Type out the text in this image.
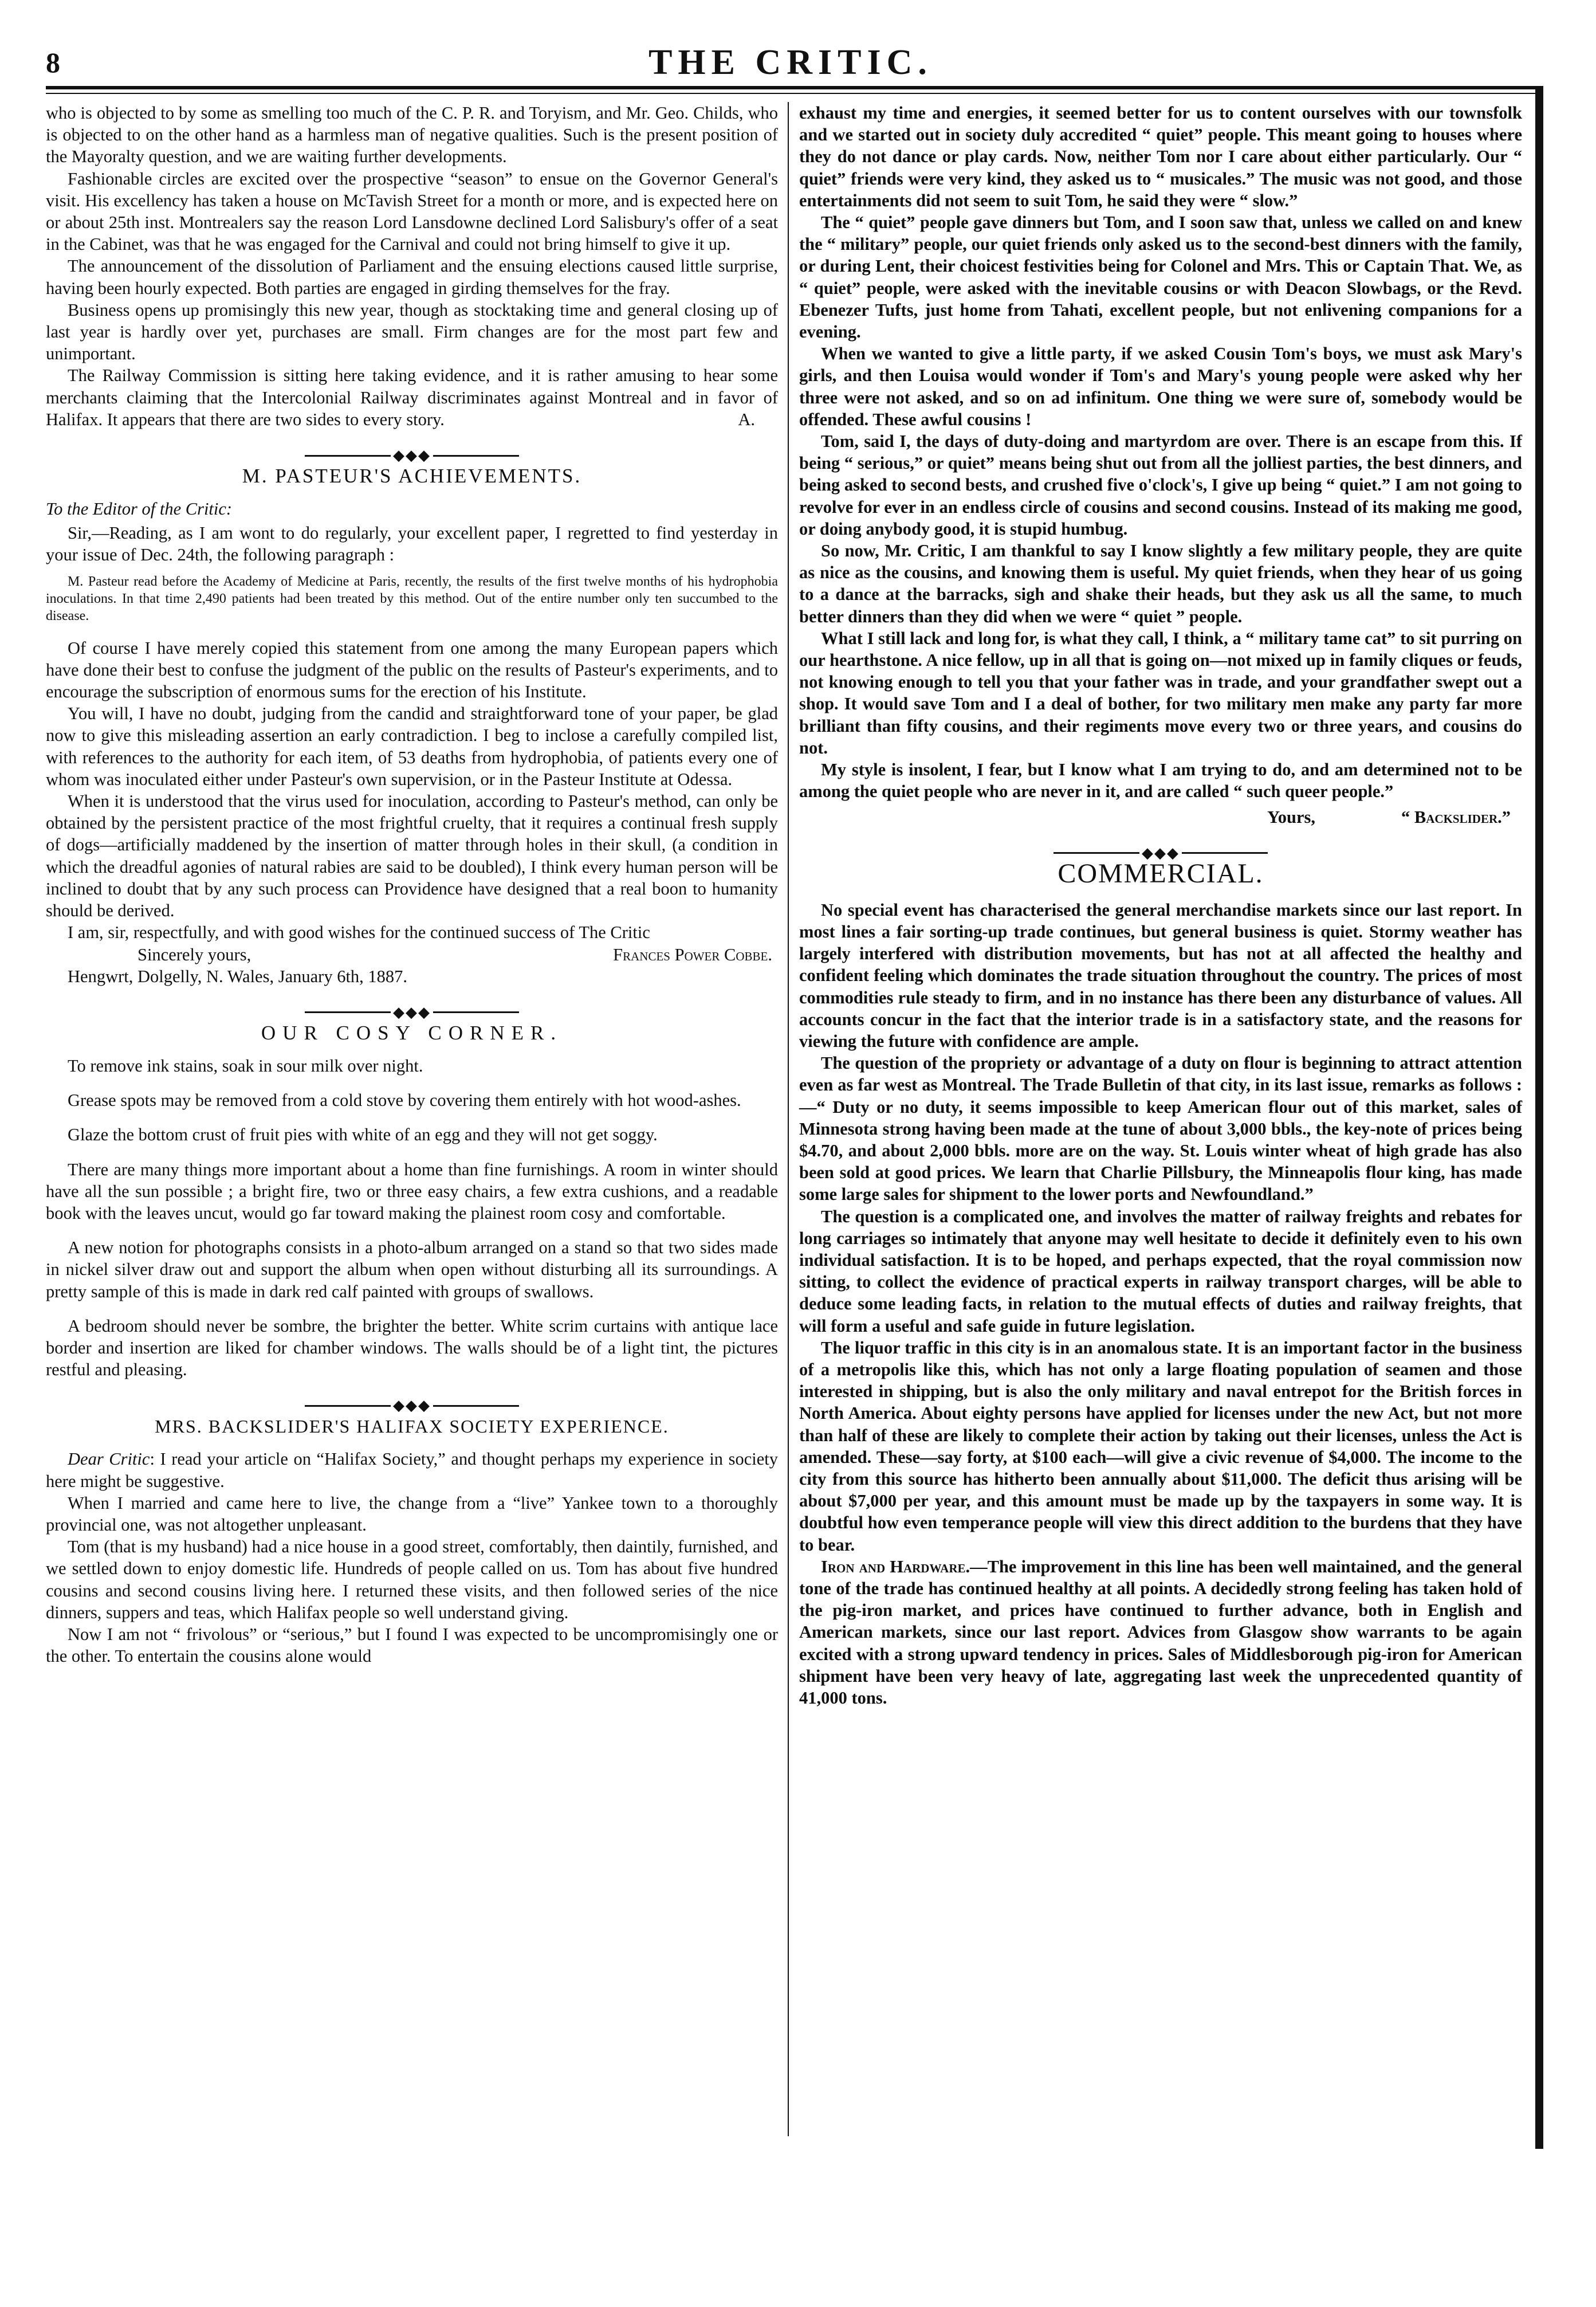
8	THE CRITIC.

who is objected to by some as smelling too much of the C. P. R. and Toryism, and Mr. Geo. Childs, who is objected to on the other hand as a harmless man of negative qualities. Such is the present position of the Mayoralty question, and we are waiting further developments.

Fashionable circles are excited over the prospective “season” to ensue on the Governor General's visit. His excellency has taken a house on McTavish Street for a month or more, and is expected here on or about 25th inst. Montrealers say the reason Lord Lansdowne declined Lord Salisbury's offer of a seat in the Cabinet, was that he was engaged for the Carnival and could not bring himself to give it up.

The announcement of the dissolution of Parliament and the ensuing elections caused little surprise, having been hourly expected. Both parties are engaged in girding themselves for the fray.

Business opens up promisingly this new year, though as stocktaking time and general closing up of last year is hardly over yet, purchases are small. Firm changes are for the most part few and unimportant.

The Railway Commission is sitting here taking evidence, and it is rather amusing to hear some merchants claiming that the Intercolonial Railway discriminates against Montreal and in favor of Halifax. It appears that there are two sides to every story.	A.

◆◆◆
M. PASTEUR'S ACHIEVEMENTS.

To the Editor of the Critic:

Sir,—Reading, as I am wont to do regularly, your excellent paper, I regretted to find yesterday in your issue of Dec. 24th, the following paragraph :

M. Pasteur read before the Academy of Medicine at Paris, recently, the results of the first twelve months of his hydrophobia inoculations. In that time 2,490 patients had been treated by this method. Out of the entire number only ten succumbed to the disease.

Of course I have merely copied this statement from one among the many European papers which have done their best to confuse the judgment of the public on the results of Pasteur's experiments, and to encourage the subscription of enormous sums for the erection of his Institute.

You will, I have no doubt, judging from the candid and straightforward tone of your paper, be glad now to give this misleading assertion an early contradiction. I beg to inclose a carefully compiled list, with references to the authority for each item, of 53 deaths from hydrophobia, of patients every one of whom was inoculated either under Pasteur's own supervision, or in the Pasteur Institute at Odessa.

When it is understood that the virus used for inoculation, according to Pasteur's method, can only be obtained by the persistent practice of the most frightful cruelty, that it requires a continual fresh supply of dogs—artificially maddened by the insertion of matter through holes in their skull, (a condition in which the dreadful agonies of natural rabies are said to be doubled), I think every human person will be inclined to doubt that by any such process can Providence have designed that a real boon to humanity should be derived.

I am, sir, respectfully, and with good wishes for the continued success of The Critic

Sincerely yours,	Frances Power Cobbe.

Hengwrt, Dolgelly, N. Wales, January 6th, 1887.

◆◆◆
OUR COSY CORNER.

To remove ink stains, soak in sour milk over night.

Grease spots may be removed from a cold stove by covering them entirely with hot wood-ashes.

Glaze the bottom crust of fruit pies with white of an egg and they will not get soggy.

There are many things more important about a home than fine furnishings. A room in winter should have all the sun possible ; a bright fire, two or three easy chairs, a few extra cushions, and a readable book with the leaves uncut, would go far toward making the plainest room cosy and comfortable.

A new notion for photographs consists in a photo-album arranged on a stand so that two sides made in nickel silver draw out and support the album when open without disturbing all its surroundings. A pretty sample of this is made in dark red calf painted with groups of swallows.

A bedroom should never be sombre, the brighter the better. White scrim curtains with antique lace border and insertion are liked for chamber windows. The walls should be of a light tint, the pictures restful and pleasing.

◆◆◆
MRS. BACKSLIDER'S HALIFAX SOCIETY EXPERIENCE.

Dear Critic: I read your article on “Halifax Society,” and thought perhaps my experience in society here might be suggestive.

When I married and came here to live, the change from a “live” Yankee town to a thoroughly provincial one, was not altogether unpleasant.

Tom (that is my husband) had a nice house in a good street, comfortably, then daintily, furnished, and we settled down to enjoy domestic life. Hundreds of people called on us. Tom has about five hundred cousins and second cousins living here. I returned these visits, and then followed series of the nice dinners, suppers and teas, which Halifax people so well understand giving.

Now I am not “ frivolous” or “serious,” but I found I was expected to be uncompromisingly one or the other. To entertain the cousins alone would

exhaust my time and energies, it seemed better for us to content ourselves with our townsfolk and we started out in society duly accredited “ quiet” people. This meant going to houses where they do not dance or play cards. Now, neither Tom nor I care about either particularly. Our “ quiet” friends were very kind, they asked us to “ musicales.” The music was not good, and those entertainments did not seem to suit Tom, he said they were “ slow.”

The “ quiet” people gave dinners but Tom, and I soon saw that, unless we called on and knew the “ military” people, our quiet friends only asked us to the second-best dinners with the family, or during Lent, their choicest festivities being for Colonel and Mrs. This or Captain That. We, as “ quiet” people, were asked with the inevitable cousins or with Deacon Slowbags, or the Revd. Ebenezer Tufts, just home from Tahati, excellent people, but not enlivening companions for a evening.

When we wanted to give a little party, if we asked Cousin Tom's boys, we must ask Mary's girls, and then Louisa would wonder if Tom's and Mary's young people were asked why her three were not asked, and so on ad infinitum. One thing we were sure of, somebody would be offended. These awful cousins !

Tom, said I, the days of duty-doing and martyrdom are over. There is an escape from this. If being “ serious,” or quiet” means being shut out from all the jolliest parties, the best dinners, and being asked to second bests, and crushed five o'clock's, I give up being “ quiet.” I am not going to revolve for ever in an endless circle of cousins and second cousins. Instead of its making me good, or doing anybody good, it is stupid humbug.

So now, Mr. Critic, I am thankful to say I know slightly a few military people, they are quite as nice as the cousins, and knowing them is useful. My quiet friends, when they hear of us going to a dance at the barracks, sigh and shake their heads, but they ask us all the same, to much better dinners than they did when we were “ quiet ” people.

What I still lack and long for, is what they call, I think, a “ military tame cat” to sit purring on our hearthstone. A nice fellow, up in all that is going on—not mixed up in family cliques or feuds, not knowing enough to tell you that your father was in trade, and your grandfather swept out a shop. It would save Tom and I a deal of bother, for two military men make any party far more brilliant than fifty cousins, and their regiments move every two or three years, and cousins do not.

My style is insolent, I fear, but I know what I am trying to do, and am determined not to be among the quiet people who are never in it, and are called “ such queer people.”

Yours,	“ Backslider.”
◆◆◆
COMMERCIAL.

No special event has characterised the general merchandise markets since our last report. In most lines a fair sorting-up trade continues, but general business is quiet. Stormy weather has largely interfered with distribution movements, but has not at all affected the healthy and confident feeling which dominates the trade situation throughout the country. The prices of most commodities rule steady to firm, and in no instance has there been any disturbance of values. All accounts concur in the fact that the interior trade is in a satisfactory state, and the reasons for viewing the future with confidence are ample.

The question of the propriety or advantage of a duty on flour is beginning to attract attention even as far west as Montreal. The Trade Bulletin of that city, in its last issue, remarks as follows :—“ Duty or no duty, it seems impossible to keep American flour out of this market, sales of Minnesota strong having been made at the tune of about 3,000 bbls., the key-note of prices being $4.70, and about 2,000 bbls. more are on the way. St. Louis winter wheat of high grade has also been sold at good prices. We learn that Charlie Pillsbury, the Minneapolis flour king, has made some large sales for shipment to the lower ports and Newfoundland.”

The question is a complicated one, and involves the matter of railway freights and rebates for long carriages so intimately that anyone may well hesitate to decide it definitely even to his own individual satisfaction. It is to be hoped, and perhaps expected, that the royal commission now sitting, to collect the evidence of practical experts in railway transport charges, will be able to deduce some leading facts, in relation to the mutual effects of duties and railway freights, that will form a useful and safe guide in future legislation.

The liquor traffic in this city is in an anomalous state. It is an important factor in the business of a metropolis like this, which has not only a large floating population of seamen and those interested in shipping, but is also the only military and naval entrepot for the British forces in North America. About eighty persons have applied for licenses under the new Act, but not more than half of these are likely to complete their action by taking out their licenses, unless the Act is amended. These—say forty, at $100 each—will give a civic revenue of $4,000. The income to the city from this source has hitherto been annually about $11,000. The deficit thus arising will be about $7,000 per year, and this amount must be made up by the taxpayers in some way. It is doubtful how even temperance people will view this direct addition to the burdens that they have to bear.

Iron and Hardware.—The improvement in this line has been well maintained, and the general tone of the trade has continued healthy at all points. A decidedly strong feeling has taken hold of the pig-iron market, and prices have continued to further advance, both in English and American markets, since our last report. Advices from Glasgow show warrants to be again excited with a strong upward tendency in prices. Sales of Middlesborough pig-iron for American shipment have been very heavy of late, aggregating last week the unprecedented quantity of 41,000 tons.
